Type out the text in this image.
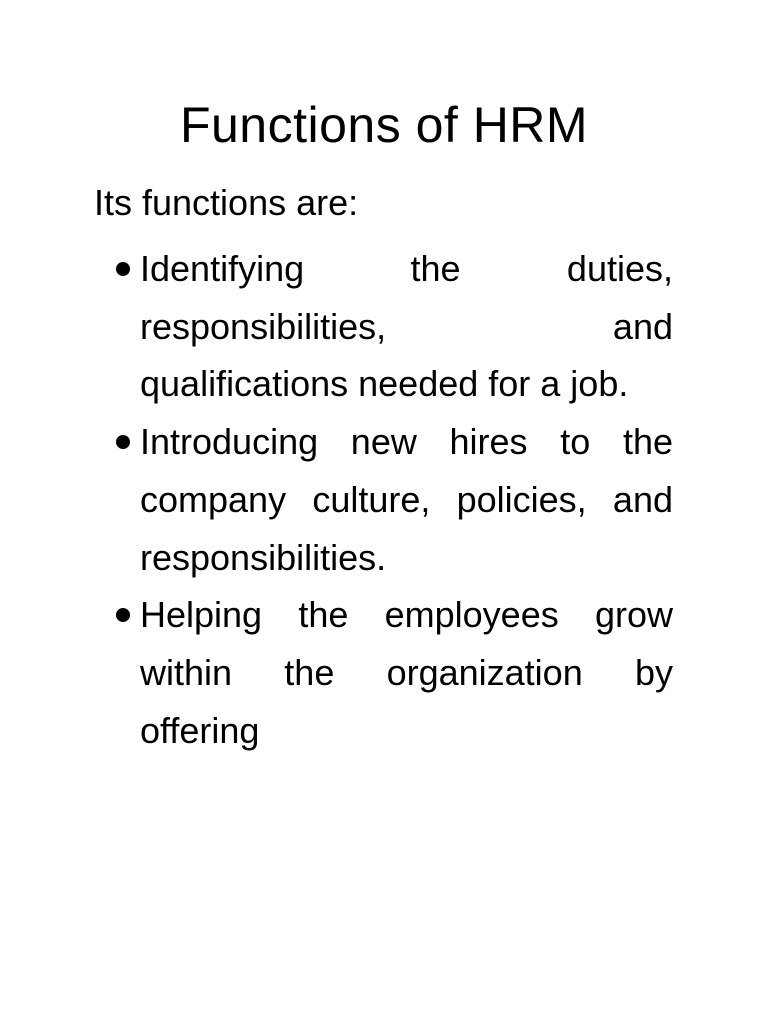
Functions of HRM

Its functions are:

Identifying the duties, responsibilities, and qualifications needed for a job.
Introducing new hires to the company culture, policies, and responsibilities.
Helping the employees grow within the organization by offering
